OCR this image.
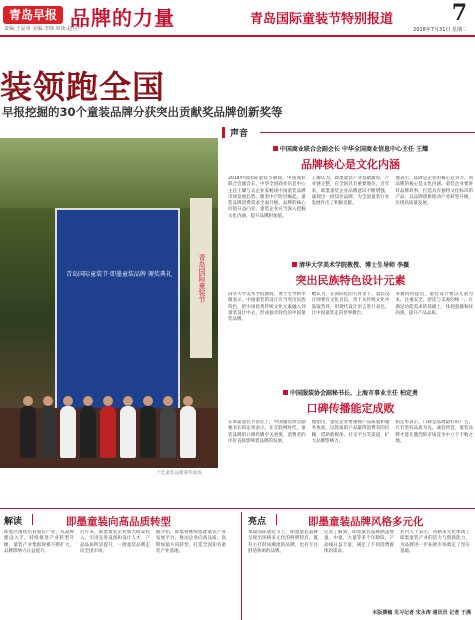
青岛早报 品牌的力量	青岛国际童装节特别报道	7
责编:王显章 美编:李锋 审读:赵丹芦	2018年7月31日 星期二
装领跑全国
早报挖掘的30个童装品牌分获突出贡献奖品牌创新奖等
青岛国际童装节·即墨童装品牌 颁奖典礼	青岛国际童装节
十佳童装品牌颁奖现场。
声音
中国商业联合会副会长 中华全国商业信息中心主任 王耀
品牌核心是文化内涵
2018中国国际童装节期间，中国商业联合会副会长、中华全国商业信息中心主任王耀与众企业家畅谈中国童装品牌市场发展趋势。随着中产阶层崛起，童装品牌消费需求全面升级，品牌的核心价值日益凸显，童装企业应当深入挖掘文化内涵，提升品牌附加值。
王耀认为，即墨童装产业基础雄厚，产业链完整，在全国具有重要地位。近年来，即墨童装企业品牌意识不断增强，涌现出一批知名品牌，为全国童装行业发展作出了积极贡献。
他表示，品牌是企业的核心竞争力，而品牌的核心是文化内涵。童装企业要讲好品牌故事，打造具有独特文化标识的产品，以品牌创新推动产业转型升级，实现高质量发展。
清华大学美术学院教授、博士生导师 李薇
突出民族特色设计元素
清华大学美术学院教授、博士生导师李薇表示，中国童装的设计应当突出民族特色，把中国优秀传统文化元素融入到童装设计中去，形成独具特色的中国童装品牌。
她认为，在国际化的大背景下，童装设计师要有文化自信，善于从传统文化中汲取营养，用现代设计语言进行表达，让中国童装走向世界舞台。
李薇同时提出，童装设计要以儿童为本，注重安全、舒适与美观的统一，在满足功能需求的基础上，体现童趣和时尚感，提升产品品质。
中国服装协会副秘书长、上海市事业主任 柏定勇
口碑传播能定成败
在本届童装节论坛上，中国服装协会副秘书长柏定勇表示，在互联网时代，童装品牌的口碑传播至关重要，消费者的评价直接影响着品牌的发展。
他指出，童装企业要重视产品质量和服务体验，以优质的产品赢得消费者的信赖，借助新媒体、社交平台等渠道，扩大品牌影响力。
柏定勇表示，口碑是品牌最好的广告，只有坚持品质为先、诚信经营，童装品牌才能在激烈的市场竞争中立于不败之地。
解读	即墨童装向高品质转型
即墨区围绕培育童装产业，从品牌建设入手，持续推进产业转型升级，童装产业集群规模不断扩大，品牌影响力日益提升。
近年来，即墨童装企业加大研发投入，引进先进设备和设计人才，产品品质明显提升，一批童装品牌走向全国市场。
据介绍，即墨将继续搭建童装产业发展平台，推动企业向高品质、高附加值方向转型，打造全国知名童装产业基地。
亮点	即墨童装品牌风格多元化
本届国际童装节上，即墨童装品牌呈现出风格多元化的鲜明特点，既有主打时尚潮流的品牌，也有专注舒适休闲的品牌。
记者了解到，即墨童装品牌涵盖婴童、中童、大童等多个年龄段，产品线日益丰富，满足了不同消费群体的需求。
业内人士表示，风格多元化体现了即墨童装产业的活力与创新能力，为品牌进一步拓展市场奠定了坚实基础。
本版撰稿 见习记者 宋永涛 通讯员 记者 于满
